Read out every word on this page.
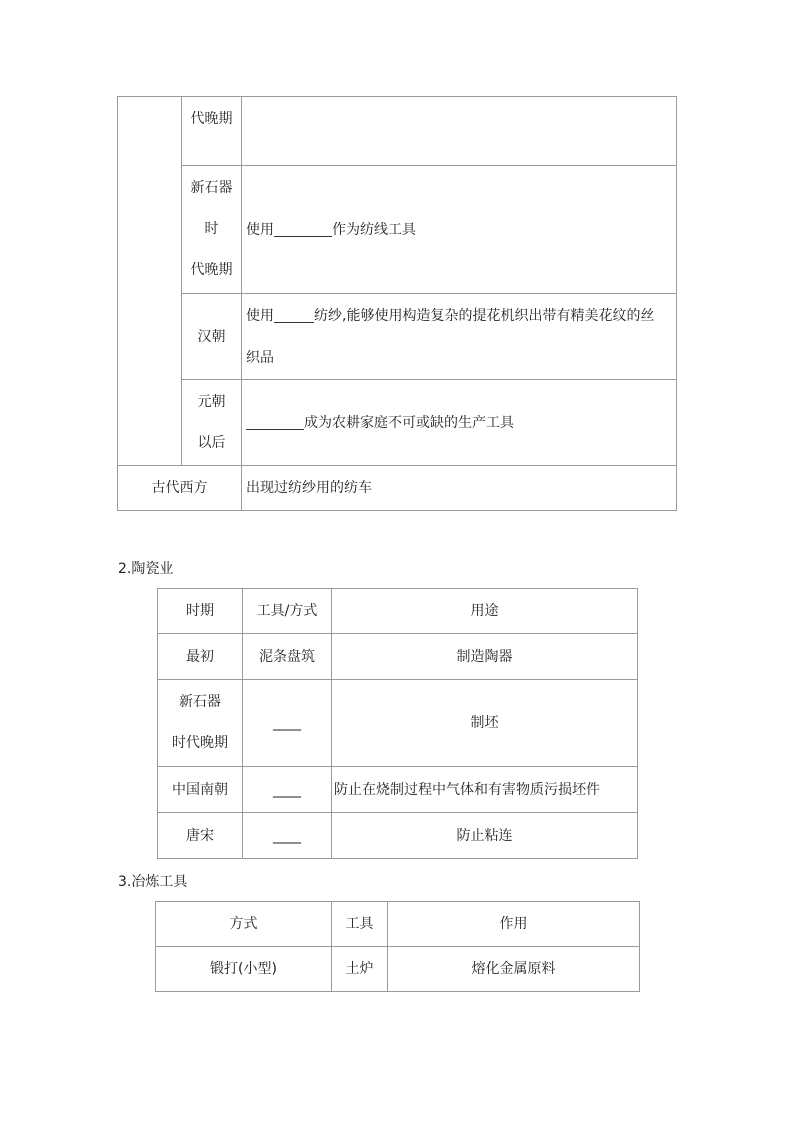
	代晚期	

	新石器
时
代晚期	使用 作为纺线工具
	汉朝	使用 纺纱,能够使用构造复杂的提花机织出带有精美花纹的丝
织品

	元朝
以后	成为农耕家庭不可或缺的生产工具

古代西方		出现过纺纱用的纺车
2.陶瓷业
时期	工具/方式	用途
最初	泥条盘筑	制造陶器

新石器
时代晚期	____	制坯
中国南朝	____	防止在烧制过程中气体和有害物质污损坯件
唐宋	____	防止粘连
3.冶炼工具
方式	工具	作用
锻打(小型)	土炉	熔化金属原料
